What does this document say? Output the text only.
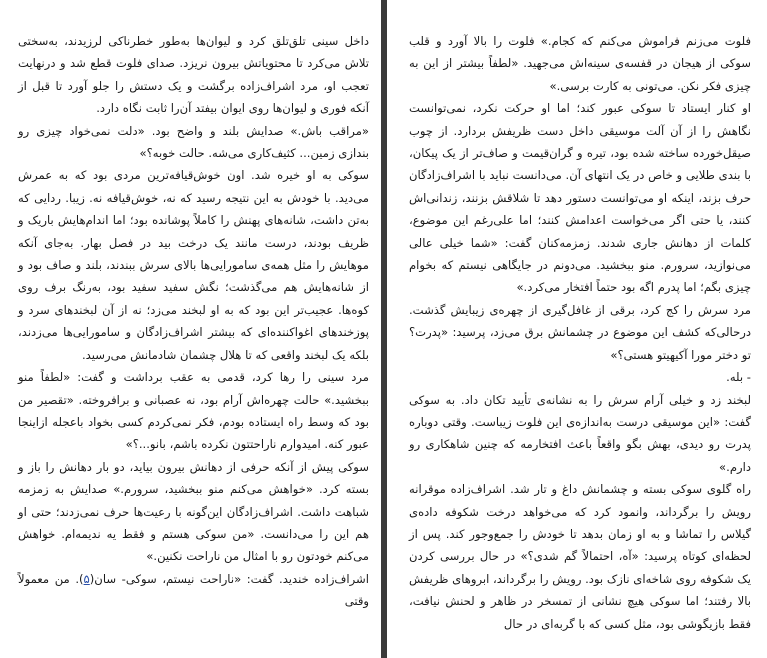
فلوت می‌زنم فراموش می‌کنم که کجام.» فلوت را بالا آورد و قلب سوکی از هیجان در قفسه‌ی سینه‌اش می‌جهید. «لطفاً بیشتر از این به چیزی فکر نکن. می‌تونی به کارت برسی.»

او کنار ایستاد تا سوکی عبور کند؛ اما او حرکت نکرد، نمی‌توانست نگاهش را از آن آلت موسیقی داخل دست ظریفش بردارد. از چوب صیقل‌خورده ساخته شده بود، تیره و گران‌قیمت و صاف‌تر از یک پیکان، با بندی طلایی و خاص در یک انتهای آن. می‌دانست نباید با اشراف‌زادگان حرف بزند، اینکه او می‌توانست دستور دهد تا شلاقش بزنند، زندانی‌اش کنند، یا حتی اگر می‌خواست اعدامش کنند؛ اما علی‌رغم این موضوع، کلمات از دهانش جاری شدند. زمزمه‌کنان گفت: «شما خیلی عالی می‌نوازید، سرورم. منو ببخشید. می‌دونم در جایگاهی نیستم که بخوام چیزی بگم؛ اما پدرم اگه بود حتماً افتخار می‌کرد.»

مرد سرش را کج کرد، برقی از غافل‌گیری از چهره‌ی زیبایش گذشت. درحالی‌که کشف این موضوع در چشمانش برق می‌زد، پرسید: «پدرت؟ تو دختر مورا آکیهیتو هستی؟»

- بله.

لبخند زد و خیلی آرام سرش را به نشانه‌ی تأیید تکان داد. به سوکی گفت: «این موسیقی درست به‌اندازه‌ی این فلوت زیباست. وقتی دوباره پدرت رو دیدی، بهش بگو واقعاً باعث افتخارمه که چنین شاهکاری رو دارم.»

راه گلوی سوکی بسته و چشمانش داغ و تار شد. اشراف‌زاده موقرانه رویش را برگرداند، وانمود کرد که می‌خواهد درخت شکوفه داده‌ی گیلاس را تماشا و به او زمان بدهد تا خودش را جمع‌وجور کند. پس از لحظه‌ای کوتاه پرسید: «آه، احتمالاً گم شدی؟» در حال بررسی کردن یک شکوفه روی شاخه‌ای نازک بود. رویش را برگرداند، ابروهای ظریفش بالا رفتند؛ اما سوکی هیچ نشانی از تمسخر در ظاهر و لحنش نیافت، فقط بازیگوشی بود، مثل کسی که با گربه‌ای در حال

داخل سینی تلق‌تلق کرد و لیوان‌ها به‌طور خطرناکی لرزیدند، به‌سختی تلاش می‌کرد تا محتویاتش بیرون نریزد. صدای فلوت قطع شد و درنهایت تعجب او، مرد اشراف‌زاده برگشت و یک دستش را جلو آورد تا قبل از آنکه فوری و لیوان‌ها روی ایوان بیفتد آن‌را ثابت نگاه دارد.

«مراقب باش.» صدایش بلند و واضح بود. «دلت نمی‌خواد چیزی رو بندازی زمین... کثیف‌کاری می‌شه. حالت خوبه؟»

سوکی به او خیره شد. اون خوش‌قیافه‌ترین مردی بود که به عمرش می‌دید. با خودش به این نتیجه رسید که نه، خوش‌قیافه نه. زیبا. ردایی که به‌تن داشت، شانه‌های پهنش را کاملاً پوشانده بود؛ اما اندام‌هایش باریک و ظریف بودند، درست مانند یک درخت بید در فصل بهار. به‌جای آنکه موهایش را مثل همه‌ی سامورایی‌ها بالای سرش ببندند، بلند و صاف بود و از شانه‌هایش هم می‌گذشت؛ نگش سفید سفید بود، به‌رنگ برف روی کوه‌ها. عجیب‌تر این بود که به او لبخند می‌زد؛ نه از آن لبخندهای سرد و پوزخندهای اغواکننده‌ای که بیشتر اشراف‌زادگان و سامورایی‌ها می‌زدند، بلکه یک لبخند واقعی که تا هلال چشمان شادمانش می‌رسید.

مرد سینی را رها کرد، قدمی به عقب برداشت و گفت: «لطفاً منو ببخشید.» حالت چهره‌اش آرام بود، نه عصبانی و برافروخته. «تقصیر من بود که وسط راه ایستاده بودم، فکر نمی‌کردم کسی بخواد باعجله ازاینجا عبور کنه. امیدوارم ناراحتتون نکرده باشم، بانو...؟»

سوکی پیش از آنکه حرفی از دهانش بیرون بیاید، دو بار دهانش را باز و بسته کرد. «خواهش می‌کنم منو ببخشید، سرورم.» صدایش به زمزمه شباهت داشت. اشراف‌زادگان این‌گونه با رعیت‌ها حرف نمی‌زدند؛ حتی او هم این را می‌دانست. «من سوکی هستم و فقط یه ندیمه‌ام. خواهش می‌کنم خودتون رو با امثال من ناراحت نکنین.»

اشراف‌زاده خندید. گفت: «ناراحت نیستم، سوکی- سان(۵). من معمولاً وقتی
